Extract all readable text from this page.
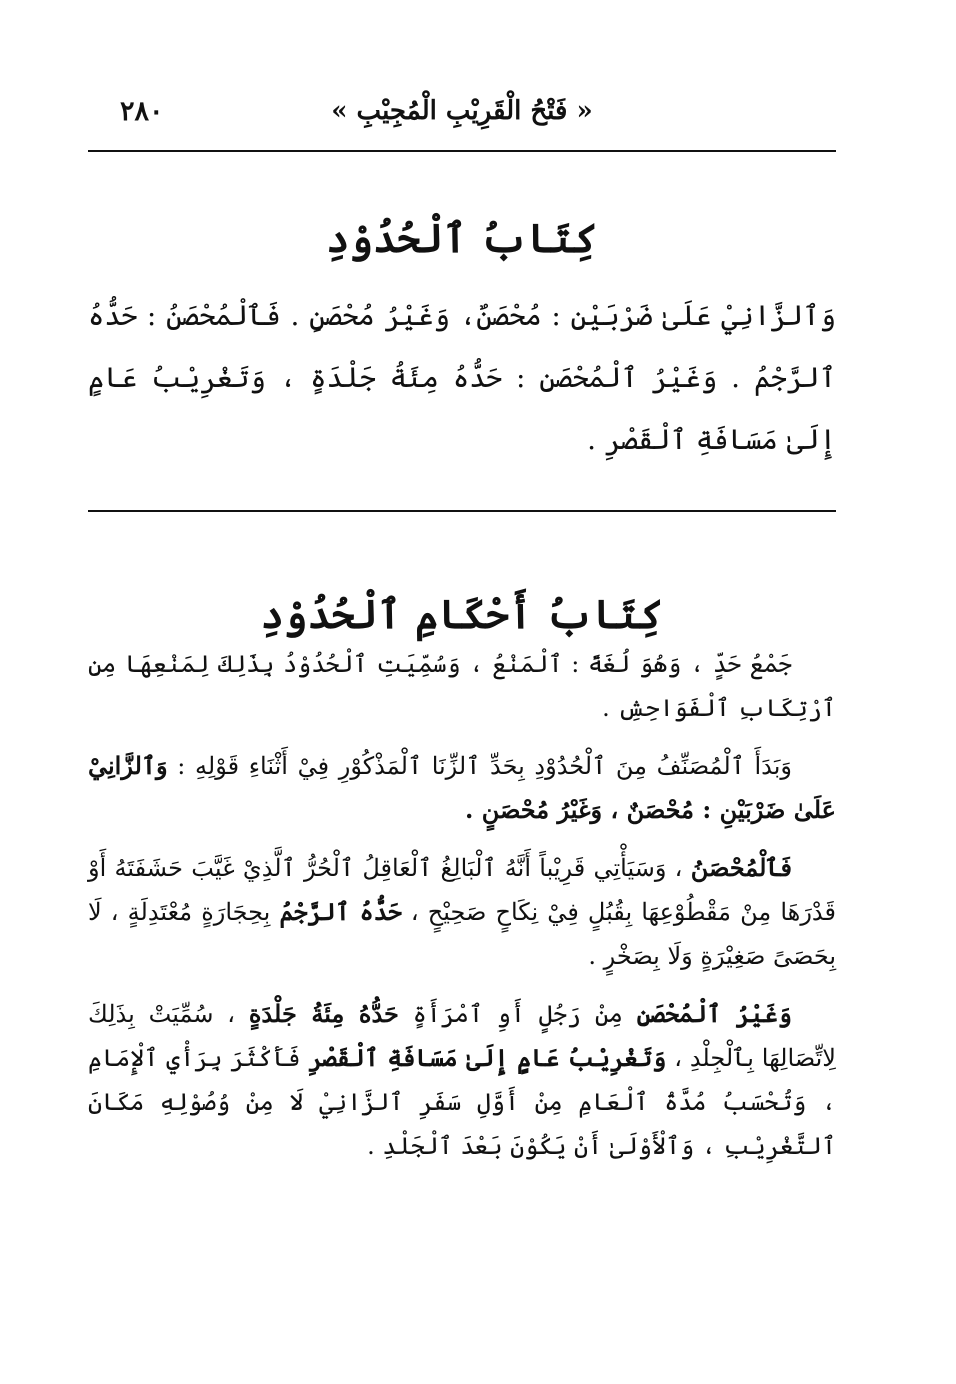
« فَتْحُ الْقَرِيْبِ الْمُجِيْبِ »
٢٨٠
كِتَابُ ٱلْحُدُوْدِ

وَٱلزَّانِيْ عَلَىٰ ضَرْبَيْنِ : مُحْصَنٌ، وَغَيْرُ مُحْصَنٍ . فَٱلْمُحْصَنُ : حَدُّهُ ٱلرَّجْمُ . وَغَيْرُ ٱلْمُحْصَنِ : حَدُّهُ مِئَةُ جَلْدَةٍ ، وَتَغْرِيْبُ عَامٍ إِلَىٰ مَسَافَةِ ٱلْقَصْرِ .

كِتَابُ أَحْكَامِ ٱلْحُدُوْدِ

جَمْعُ حَدٍّ ، وَهُوَ لُغَةً : ٱلْمَنْعُ ، وَسُمِّيَتِ ٱلْحُدُوْدُ بِذَلِكَ لِمَنْعِهَا مِنِ ٱرْتِكَابِ ٱلْفَوَاحِشِ .

وَبَدَأَ ٱلْمُصَنِّفُ مِنَ ٱلْحُدُوْدِ بِحَدِّ ٱلزِّنَا ٱلْمَذْكُوْرِ فِيْ أَثْنَاءِ قَوْلِهِ : وَٱلزَّانِيْ عَلَىٰ ضَرْبَيْنِ : مُحْصَنٌ ، وَغَيْرُ مُحْصَنٍ .

فَٱلْمُحْصَنُ ، وَسَيَأْتِي قَرِيْباً أَنَّهُ ٱلْبَالِغُ ٱلْعَاقِلُ ٱلْحُرُّ ٱلَّذِيْ غَيَّبَ حَشَفَتَهُ أَوْ قَدْرَهَا مِنْ مَقْطُوْعِهَا بِقُبُلٍ فِيْ نِكَاحٍ صَحِيْحٍ ، حَدُّهُ ٱلرَّجْمُ بِحِجَارَةٍ مُعْتَدِلَةٍ ، لَا بِحَصَىً صَغِيْرَةٍ وَلَا بِصَخْرٍ .

وَغَيْرُ ٱلْمُحْصَنِ مِنْ رَجُلٍ أَوِ ٱمْرَأَةٍ حَدُّهُ مِئَةُ جَلْدَةٍ ، سُمِّيَتْ بِذَلِكَ لِاتِّصَالِهَا بِٱلْجِلْدِ ، وَتَغْرِيْبُ عَامٍ إِلَىٰ مَسَافَةِ ٱلْقَصْرِ فَأَكْثَرَ بِرَأْيِ ٱلْإِمَامِ ، وَتُحْسَبُ مُدَّةُ ٱلْعَامِ مِنْ أَوَّلِ سَفَرِ ٱلزَّانِيْ لَا مِنْ وُصُوْلِهِ مَكَانَ ٱلتَّغْرِيْبِ ، وَٱلْأَوْلَىٰ أَنْ يَكُوْنَ بَعْدَ ٱلْجَلْدِ .
